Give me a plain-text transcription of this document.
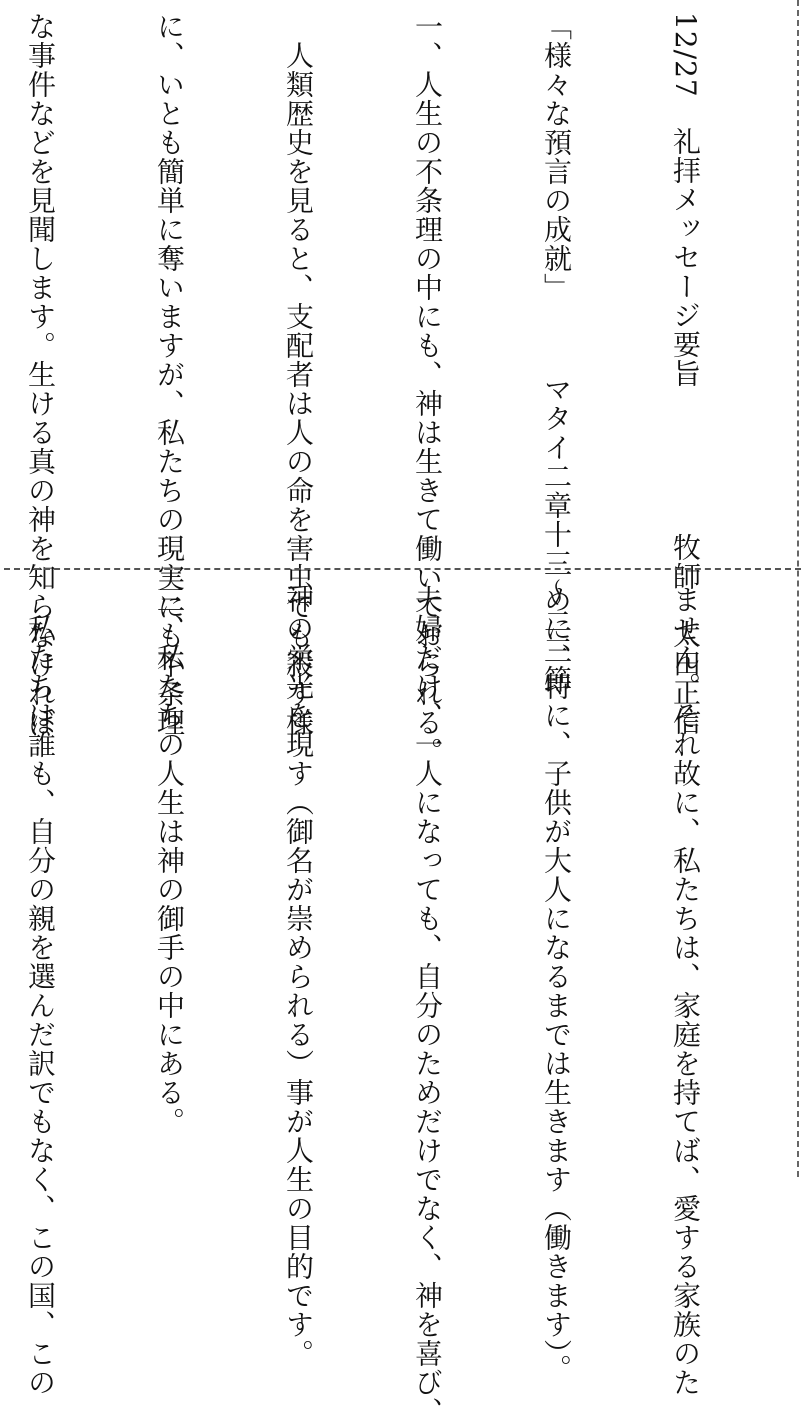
12/27　礼拝メッセージ要旨　　　　　牧師　太田正信

「様々な預言の成就」　　　マタイ二章十三～二三節

一、人生の不条理の中にも、神は生きて働いておられる。

　人類歴史を見ると、支配者は人の命を害虫でも殺す様

に、いとも簡単に奪いますが、私たちの現実にも不条理

な事件などを見聞します。生ける真の神を知らなければ

ません。それ故に、私たちは、家庭を持てば、愛する家族のた

めに、特に、子供が大人になるまでは生きます（働きます）。

夫婦だけ、一人になっても、自分のためだけでなく、神を喜び、

神の栄光を現す（御名が崇められる）事が人生の目的です。

三、私たちの人生は神の御手の中にある。

　私たちは誰も、自分の親を選んだ訳でもなく、この国、この
